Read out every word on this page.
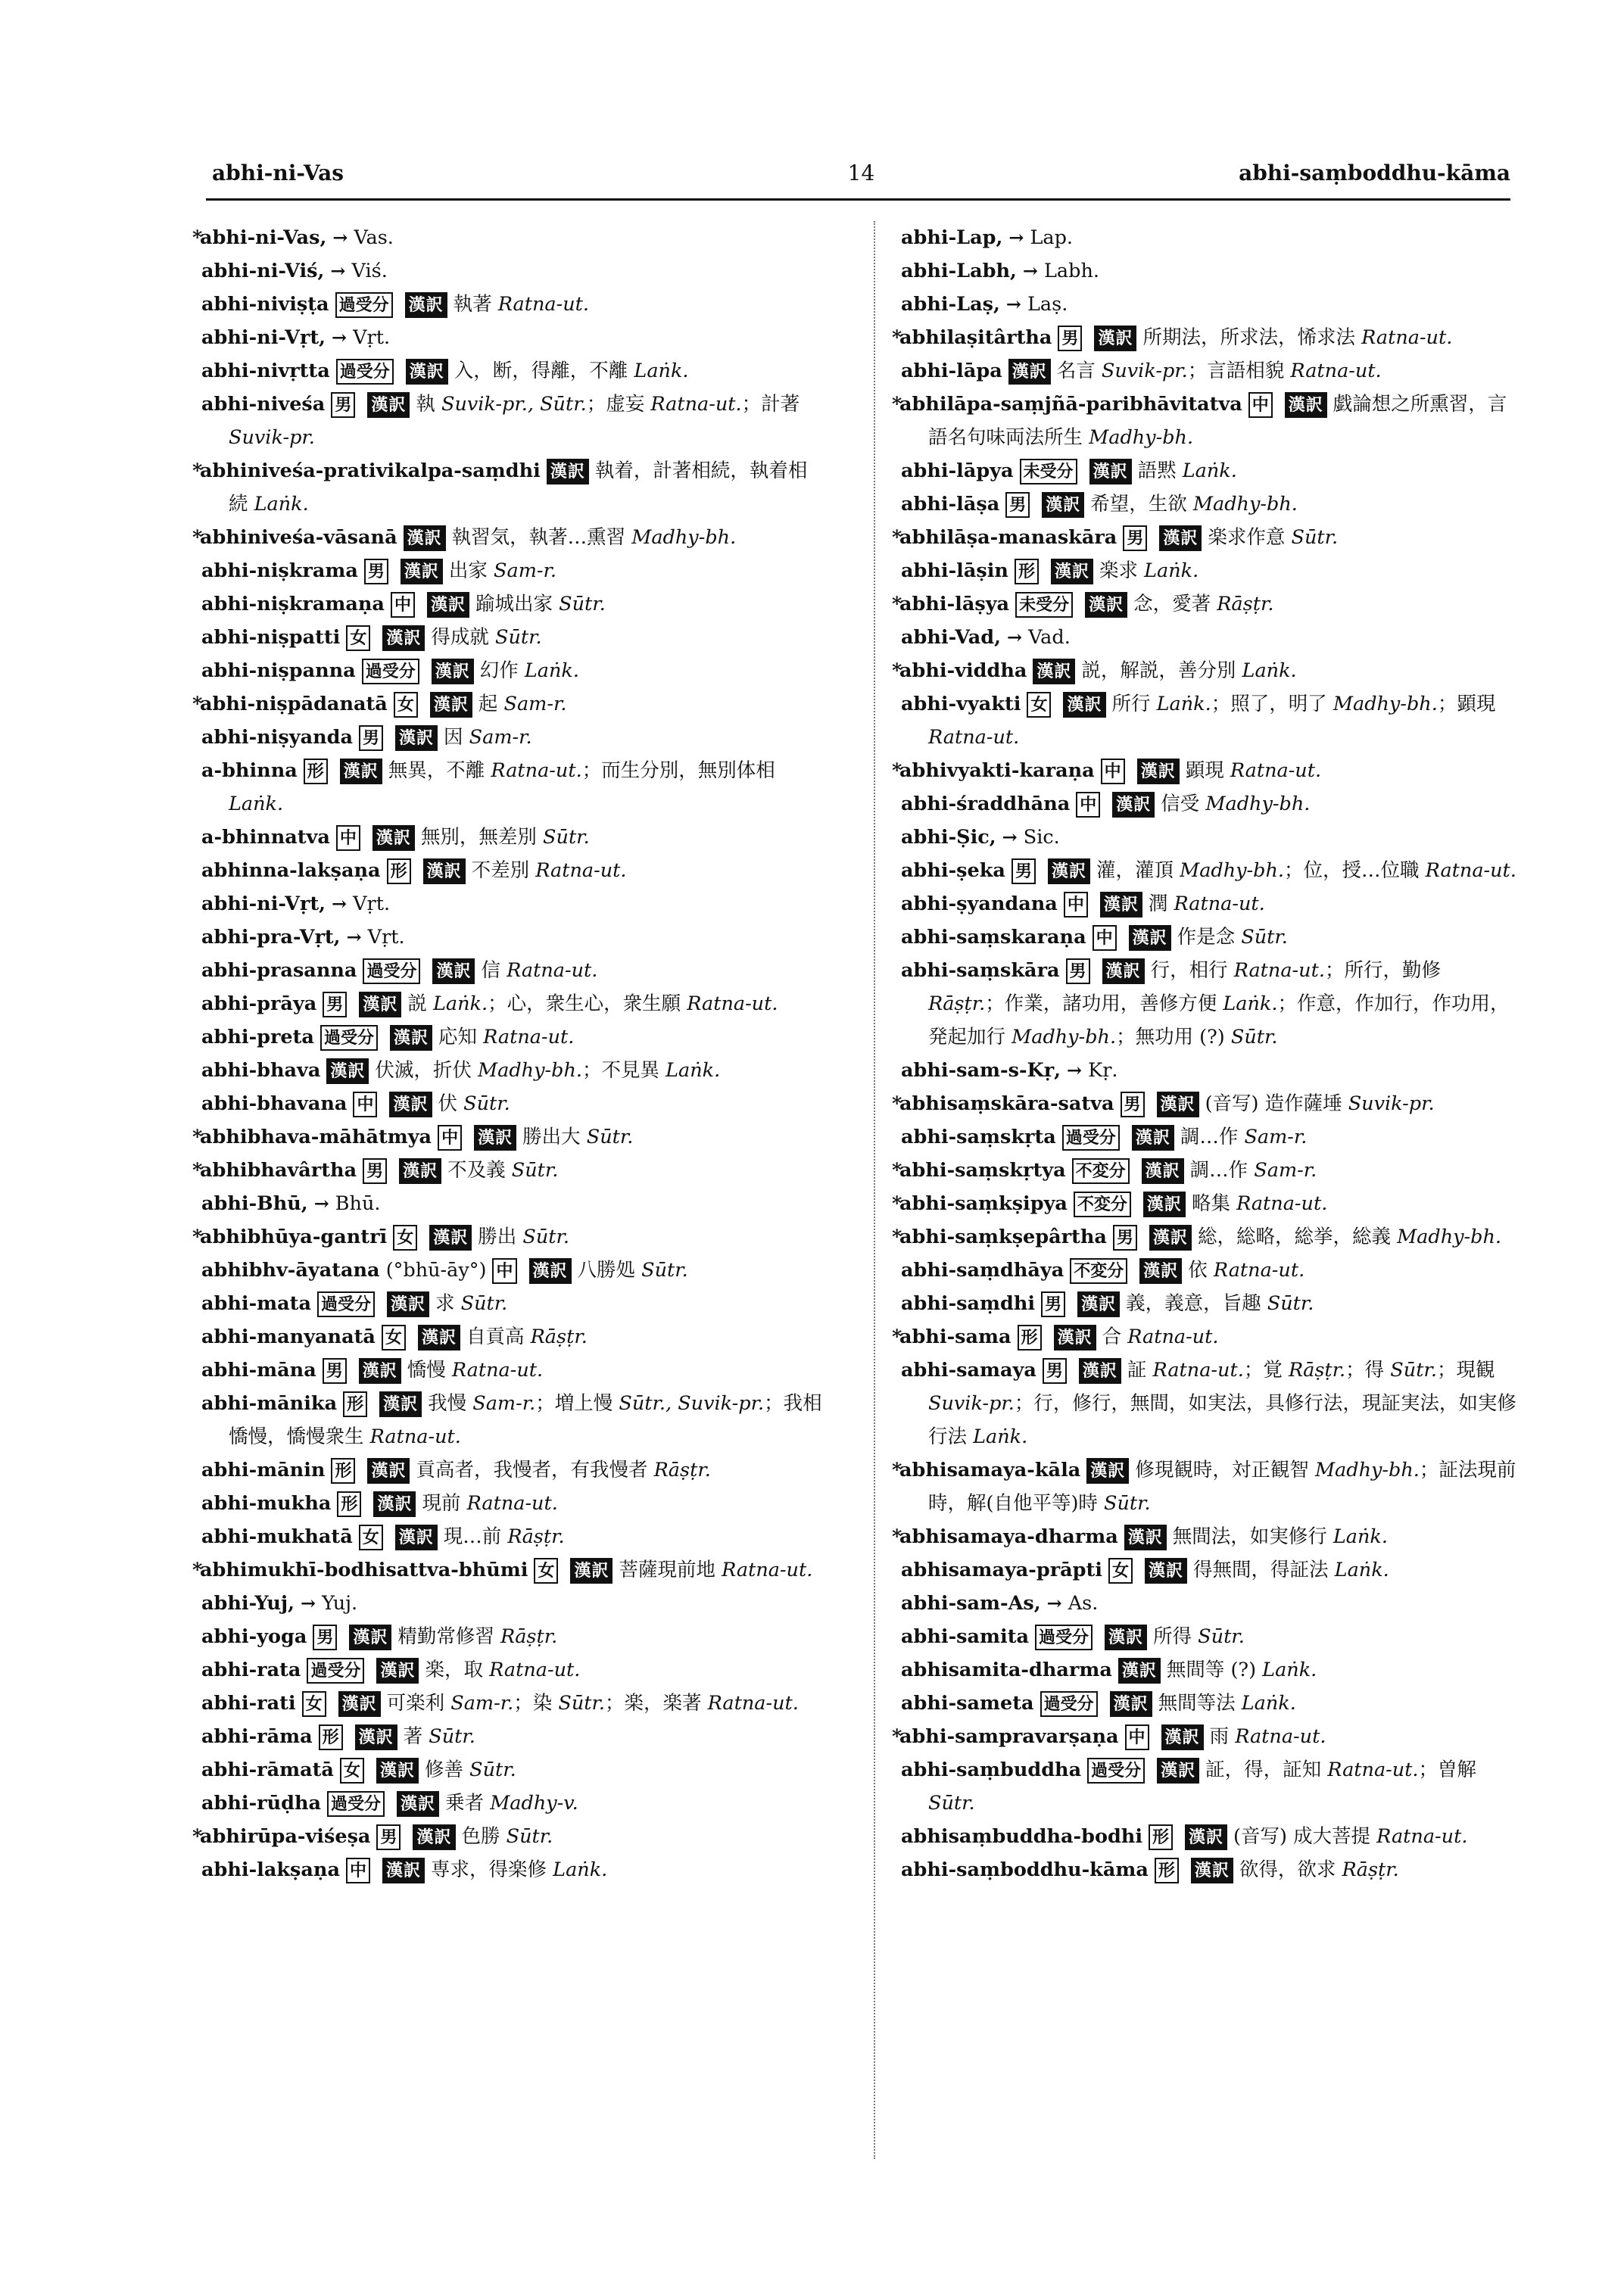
abhi-ni-Vas	14	abhi-saṃboddhu-kāma

*abhi-ni-Vas, → Vas.

abhi-ni-Viś, → Viś.

abhi-niviṣṭa 過受分 漢訳 執著 Ratna-ut.

abhi-ni-Vṛt, → Vṛt.

abhi-nivṛtta 過受分 漢訳 入，断，得離，不離 Laṅk.

abhi-niveśa 男 漢訳 執 Suvik-pr., Sūtr.；虚妄 Ratna-ut.；計著 Suvik-pr.

*abhiniveśa-prativikalpa-saṃdhi 漢訳 執着，計著相続，執着相続 Laṅk.

*abhiniveśa-vāsanā 漢訳 執習気，執著…熏習 Madhy-bh.

abhi-niṣkrama 男 漢訳 出家 Sam-r.

abhi-niṣkramaṇa 中 漢訳 踰城出家 Sūtr.

abhi-niṣpatti 女 漢訳 得成就 Sūtr.

abhi-niṣpanna 過受分 漢訳 幻作 Laṅk.

*abhi-niṣpādanatā 女 漢訳 起 Sam-r.

abhi-niṣyanda 男 漢訳 因 Sam-r.

a-bhinna 形 漢訳 無異，不離 Ratna-ut.；而生分別，無別体相 Laṅk.

a-bhinnatva 中 漢訳 無別，無差別 Sūtr.

abhinna-lakṣaṇa 形 漢訳 不差別 Ratna-ut.

abhi-ni-Vṛt, → Vṛt.

abhi-pra-Vṛt, → Vṛt.

abhi-prasanna 過受分 漢訳 信 Ratna-ut.

abhi-prāya 男 漢訳 説 Laṅk.；心，衆生心，衆生願 Ratna-ut.

abhi-preta 過受分 漢訳 応知 Ratna-ut.

abhi-bhava 漢訳 伏滅，折伏 Madhy-bh.；不見異 Laṅk.

abhi-bhavana 中 漢訳 伏 Sūtr.

*abhibhava-māhātmya 中 漢訳 勝出大 Sūtr.

*abhibhavârtha 男 漢訳 不及義 Sūtr.

abhi-Bhū, → Bhū.

*abhibhūya-gantrī 女 漢訳 勝出 Sūtr.

abhibhv-āyatana (°bhū-āy°) 中 漢訳 八勝処 Sūtr.

abhi-mata 過受分 漢訳 求 Sūtr.

abhi-manyanatā 女 漢訳 自貢高 Rāṣṭr.

abhi-māna 男 漢訳 憍慢 Ratna-ut.

abhi-mānika 形 漢訳 我慢 Sam-r.；増上慢 Sūtr., Suvik-pr.；我相憍慢，憍慢衆生 Ratna-ut.

abhi-mānin 形 漢訳 貢高者，我慢者，有我慢者 Rāṣṭr.

abhi-mukha 形 漢訳 現前 Ratna-ut.

abhi-mukhatā 女 漢訳 現…前 Rāṣṭr.

*abhimukhī-bodhisattva-bhūmi 女 漢訳 菩薩現前地 Ratna-ut.

abhi-Yuj, → Yuj.

abhi-yoga 男 漢訳 精勤常修習 Rāṣṭr.

abhi-rata 過受分 漢訳 楽，取 Ratna-ut.

abhi-rati 女 漢訳 可楽利 Sam-r.；染 Sūtr.；楽，楽著 Ratna-ut.

abhi-rāma 形 漢訳 著 Sūtr.

abhi-rāmatā 女 漢訳 修善 Sūtr.

abhi-rūḍha 過受分 漢訳 乗者 Madhy-v.

*abhirūpa-viśeṣa 男 漢訳 色勝 Sūtr.

abhi-lakṣaṇa 中 漢訳 専求，得楽修 Laṅk.

abhi-Lap, → Lap.

abhi-Labh, → Labh.

abhi-Laṣ, → Laṣ.

*abhilaṣitârtha 男 漢訳 所期法，所求法，悕求法 Ratna-ut.

abhi-lāpa 漢訳 名言 Suvik-pr.；言語相貌 Ratna-ut.

*abhilāpa-saṃjñā-paribhāvitatva 中 漢訳 戯論想之所熏習，言語名句味両法所生 Madhy-bh.

abhi-lāpya 未受分 漢訳 語黙 Laṅk.

abhi-lāṣa 男 漢訳 希望，生欲 Madhy-bh.

*abhilāṣa-manaskāra 男 漢訳 楽求作意 Sūtr.

abhi-lāṣin 形 漢訳 楽求 Laṅk.

*abhi-lāṣya 未受分 漢訳 念，愛著 Rāṣṭr.

abhi-Vad, → Vad.

*abhi-viddha 漢訳 説，解説，善分別 Laṅk.

abhi-vyakti 女 漢訳 所行 Laṅk.；照了，明了 Madhy-bh.；顕現 Ratna-ut.

*abhivyakti-karaṇa 中 漢訳 顕現 Ratna-ut.

abhi-śraddhāna 中 漢訳 信受 Madhy-bh.

abhi-Ṣic, → Sic.

abhi-ṣeka 男 漢訳 灌，灌頂 Madhy-bh.；位，授…位職 Ratna-ut.

abhi-ṣyandana 中 漢訳 潤 Ratna-ut.

abhi-saṃskaraṇa 中 漢訳 作是念 Sūtr.

abhi-saṃskāra 男 漢訳 行，相行 Ratna-ut.；所行，勤修 Rāṣṭr.；作業，諸功用，善修方便 Laṅk.；作意，作加行，作功用，発起加行 Madhy-bh.；無功用 (?) Sūtr.

abhi-sam-s-Kṛ, → Kṛ.

*abhisaṃskāra-satva 男 漢訳 (音写) 造作薩埵 Suvik-pr.

abhi-saṃskṛta 過受分 漢訳 調…作 Sam-r.

*abhi-saṃskṛtya 不変分 漢訳 調…作 Sam-r.

*abhi-saṃkṣipya 不変分 漢訳 略集 Ratna-ut.

*abhi-saṃkṣepârtha 男 漢訳 総，総略，総挙，総義 Madhy-bh.

abhi-saṃdhāya 不変分 漢訳 依 Ratna-ut.

abhi-saṃdhi 男 漢訳 義，義意，旨趣 Sūtr.

*abhi-sama 形 漢訳 合 Ratna-ut.

abhi-samaya 男 漢訳 証 Ratna-ut.；覚 Rāṣṭr.；得 Sūtr.；現観 Suvik-pr.；行，修行，無間，如実法，具修行法，現証実法，如実修行法 Laṅk.

*abhisamaya-kāla 漢訳 修現観時，対正観智 Madhy-bh.；証法現前時，解(自他平等)時 Sūtr.

*abhisamaya-dharma 漢訳 無間法，如実修行 Laṅk.

abhisamaya-prāpti 女 漢訳 得無間，得証法 Laṅk.

abhi-sam-As, → As.

abhi-samita 過受分 漢訳 所得 Sūtr.

abhisamita-dharma 漢訳 無間等 (?) Laṅk.

abhi-sameta 過受分 漢訳 無間等法 Laṅk.

*abhi-sampravarṣaṇa 中 漢訳 雨 Ratna-ut.

abhi-saṃbuddha 過受分 漢訳 証，得，証知 Ratna-ut.；曽解 Sūtr.

abhisaṃbuddha-bodhi 形 漢訳 (音写) 成大菩提 Ratna-ut.

abhi-saṃboddhu-kāma 形 漢訳 欲得，欲求 Rāṣṭr.
